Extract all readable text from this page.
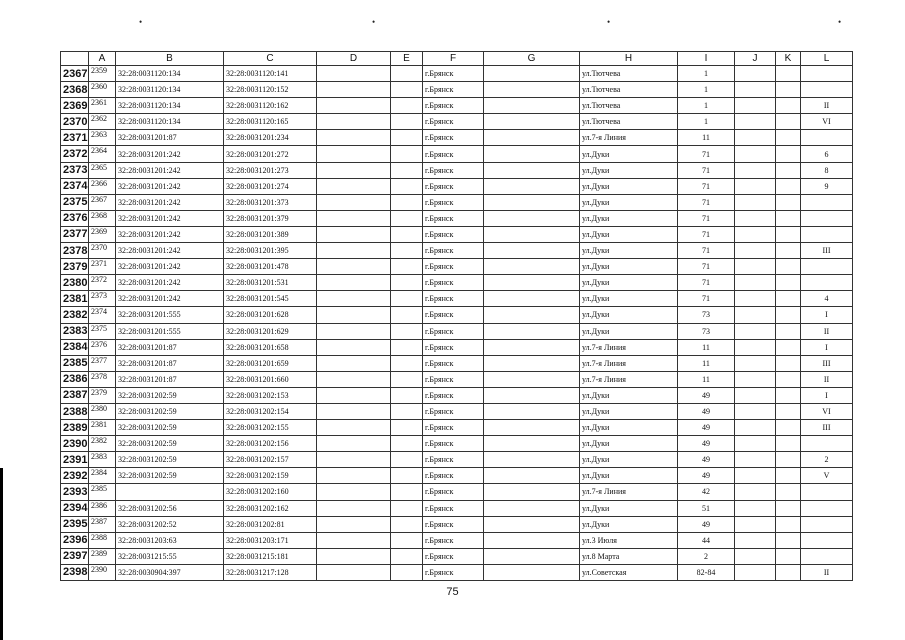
•	•	•	•
	A	B	C	D	E	F	G	H	I	J	K	L
2367	2359	32:28:0031120:134	32:28:0031120:141			г.Брянск		ул.Тютчева	1			
2368	2360	32:28:0031120:134	32:28:0031120:152			г.Брянск		ул.Тютчева	1			
2369	2361	32:28:0031120:134	32:28:0031120:162			г.Брянск		ул.Тютчева	1			II
2370	2362	32:28:0031120:134	32:28:0031120:165			г.Брянск		ул.Тютчева	1			VI
2371	2363	32:28:0031201:87	32:28:0031201:234			г.Брянск		ул.7-я Линия	11			
2372	2364	32:28:0031201:242	32:28:0031201:272			г.Брянск		ул.Дуки	71			6
2373	2365	32:28:0031201:242	32:28:0031201:273			г.Брянск		ул.Дуки	71			8
2374	2366	32:28:0031201:242	32:28:0031201:274			г.Брянск		ул.Дуки	71			9
2375	2367	32:28:0031201:242	32:28:0031201:373			г.Брянск		ул.Дуки	71			
2376	2368	32:28:0031201:242	32:28:0031201:379			г.Брянск		ул.Дуки	71			
2377	2369	32:28:0031201:242	32:28:0031201:389			г.Брянск		ул.Дуки	71			
2378	2370	32:28:0031201:242	32:28:0031201:395			г.Брянск		ул.Дуки	71			III
2379	2371	32:28:0031201:242	32:28:0031201:478			г.Брянск		ул.Дуки	71			
2380	2372	32:28:0031201:242	32:28:0031201:531			г.Брянск		ул.Дуки	71			
2381	2373	32:28:0031201:242	32:28:0031201:545			г.Брянск		ул.Дуки	71			4
2382	2374	32:28:0031201:555	32:28:0031201:628			г.Брянск		ул.Дуки	73			I
2383	2375	32:28:0031201:555	32:28:0031201:629			г.Брянск		ул.Дуки	73			II
2384	2376	32:28:0031201:87	32:28:0031201:658			г.Брянск		ул.7-я Линия	11			I
2385	2377	32:28:0031201:87	32:28:0031201:659			г.Брянск		ул.7-я Линия	11			III
2386	2378	32:28:0031201:87	32:28:0031201:660			г.Брянск		ул.7-я Линия	11			II
2387	2379	32:28:0031202:59	32:28:0031202:153			г.Брянск		ул.Дуки	49			I
2388	2380	32:28:0031202:59	32:28:0031202:154			г.Брянск		ул.Дуки	49			VI
2389	2381	32:28:0031202:59	32:28:0031202:155			г.Брянск		ул.Дуки	49			III
2390	2382	32:28:0031202:59	32:28:0031202:156			г.Брянск		ул.Дуки	49			
2391	2383	32:28:0031202:59	32:28:0031202:157			г.Брянск		ул.Дуки	49			2
2392	2384	32:28:0031202:59	32:28:0031202:159			г.Брянск		ул.Дуки	49			V
2393	2385		32:28:0031202:160			г.Брянск		ул.7-я Линия	42			
2394	2386	32:28:0031202:56	32:28:0031202:162			г.Брянск		ул.Дуки	51			
2395	2387	32:28:0031202:52	32:28:0031202:81			г.Брянск		ул.Дуки	49			
2396	2388	32:28:0031203:63	32:28:0031203:171			г.Брянск		ул.3 Июля	44			
2397	2389	32:28:0031215:55	32:28:0031215:181			г.Брянск		ул.8 Марта	2			
2398	2390	32:28:0030904:397	32:28:0031217:128			г.Брянск		ул.Советская	82-84			II
75
